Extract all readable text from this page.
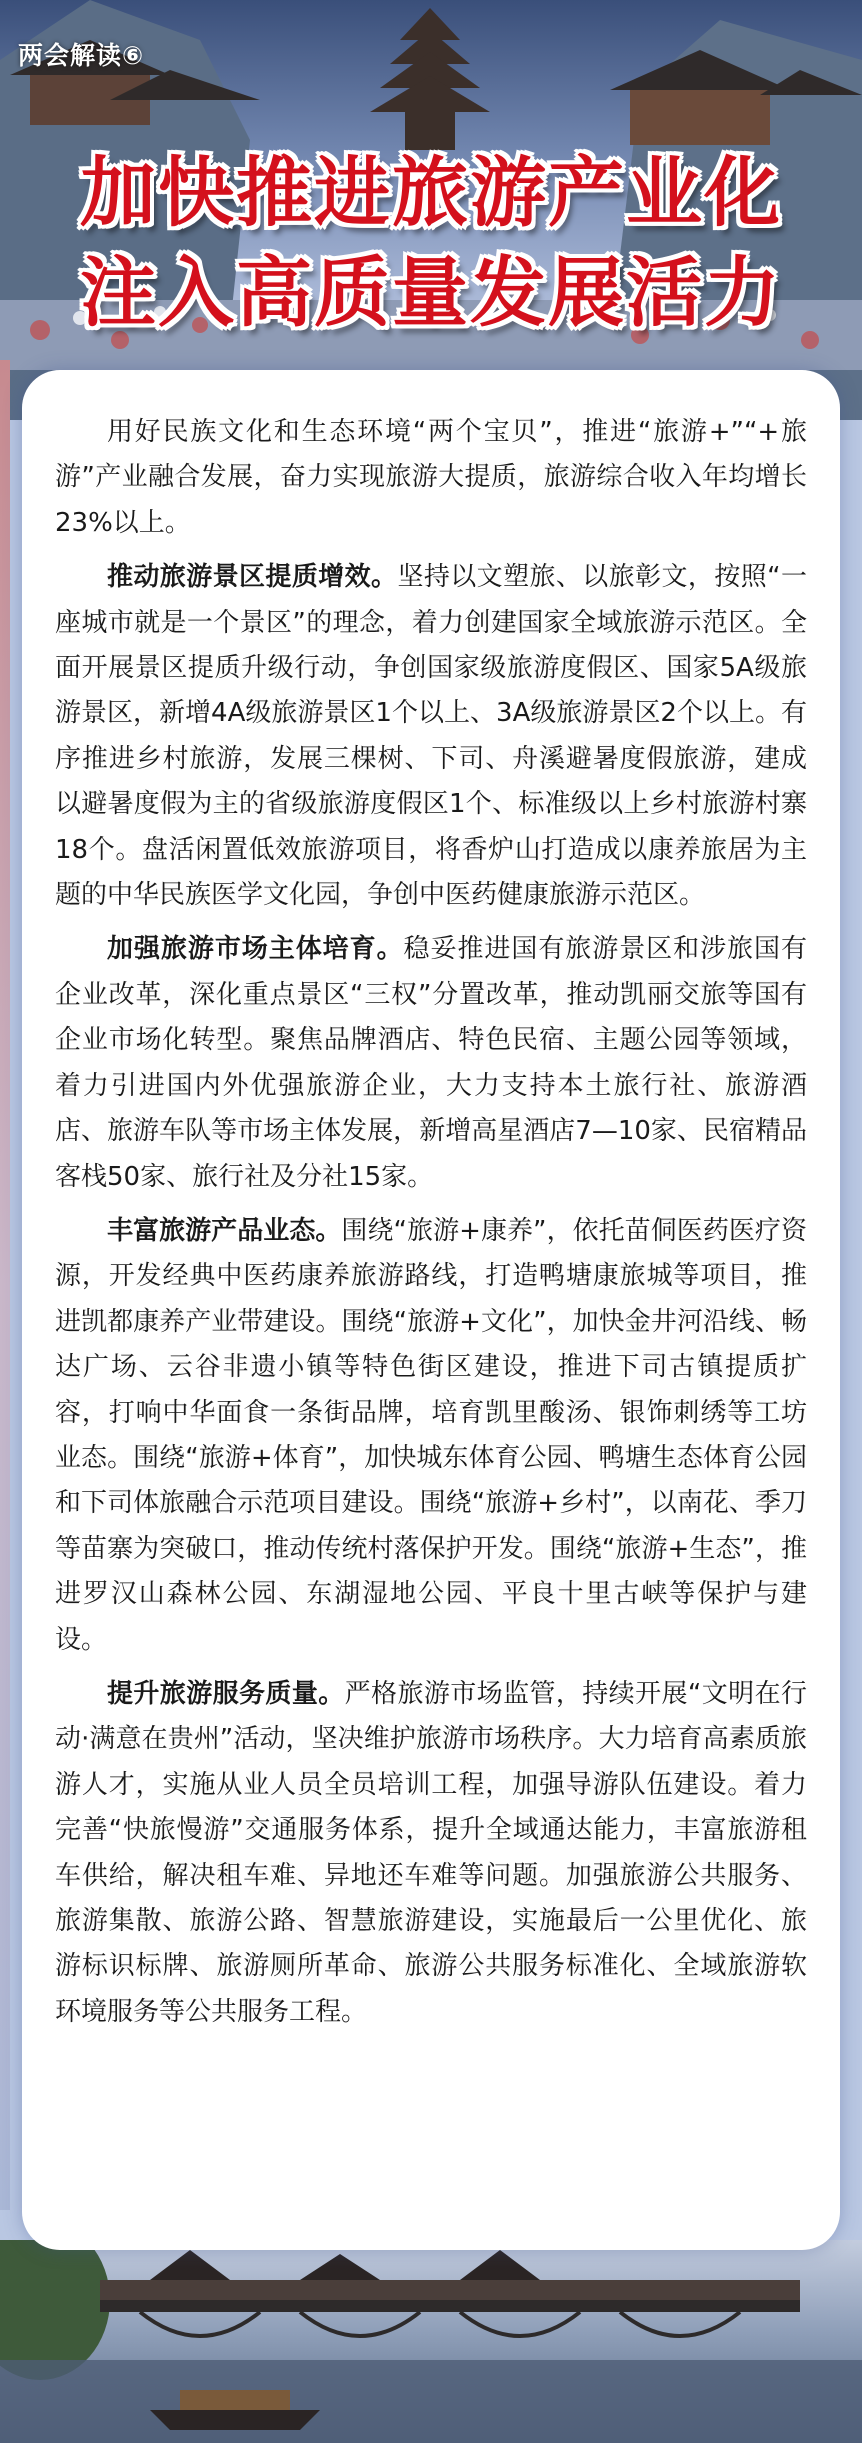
两会解读⑥
加快推进旅游产业化
注入高质量发展活力

用好民族文化和生态环境“两个宝贝”，推进“旅游+”“+旅游”产业融合发展，奋力实现旅游大提质，旅游综合收入年均增长23%以上。

推动旅游景区提质增效。坚持以文塑旅、以旅彰文，按照“一座城市就是一个景区”的理念，着力创建国家全域旅游示范区。全面开展景区提质升级行动，争创国家级旅游度假区、国家5A级旅游景区，新增4A级旅游景区1个以上、3A级旅游景区2个以上。有序推进乡村旅游，发展三棵树、下司、舟溪避暑度假旅游，建成以避暑度假为主的省级旅游度假区1个、标准级以上乡村旅游村寨18个。盘活闲置低效旅游项目，将香炉山打造成以康养旅居为主题的中华民族医学文化园，争创中医药健康旅游示范区。

加强旅游市场主体培育。稳妥推进国有旅游景区和涉旅国有企业改革，深化重点景区“三权”分置改革，推动凯丽交旅等国有企业市场化转型。聚焦品牌酒店、特色民宿、主题公园等领域，着力引进国内外优强旅游企业，大力支持本土旅行社、旅游酒店、旅游车队等市场主体发展，新增高星酒店7—10家、民宿精品客栈50家、旅行社及分社15家。

丰富旅游产品业态。围绕“旅游+康养”，依托苗侗医药医疗资源，开发经典中医药康养旅游路线，打造鸭塘康旅城等项目，推进凯都康养产业带建设。围绕“旅游+文化”，加快金井河沿线、畅达广场、云谷非遗小镇等特色街区建设，推进下司古镇提质扩容，打响中华面食一条街品牌，培育凯里酸汤、银饰刺绣等工坊业态。围绕“旅游+体育”，加快城东体育公园、鸭塘生态体育公园和下司体旅融合示范项目建设。围绕“旅游+乡村”，以南花、季刀等苗寨为突破口，推动传统村落保护开发。围绕“旅游+生态”，推进罗汉山森林公园、东湖湿地公园、平良十里古峡等保护与建设。

提升旅游服务质量。严格旅游市场监管，持续开展“文明在行动·满意在贵州”活动，坚决维护旅游市场秩序。大力培育高素质旅游人才，实施从业人员全员培训工程，加强导游队伍建设。着力完善“快旅慢游”交通服务体系，提升全域通达能力，丰富旅游租车供给，解决租车难、异地还车难等问题。加强旅游公共服务、旅游集散、旅游公路、智慧旅游建设，实施最后一公里优化、旅游标识标牌、旅游厕所革命、旅游公共服务标准化、全域旅游软环境服务等公共服务工程。
